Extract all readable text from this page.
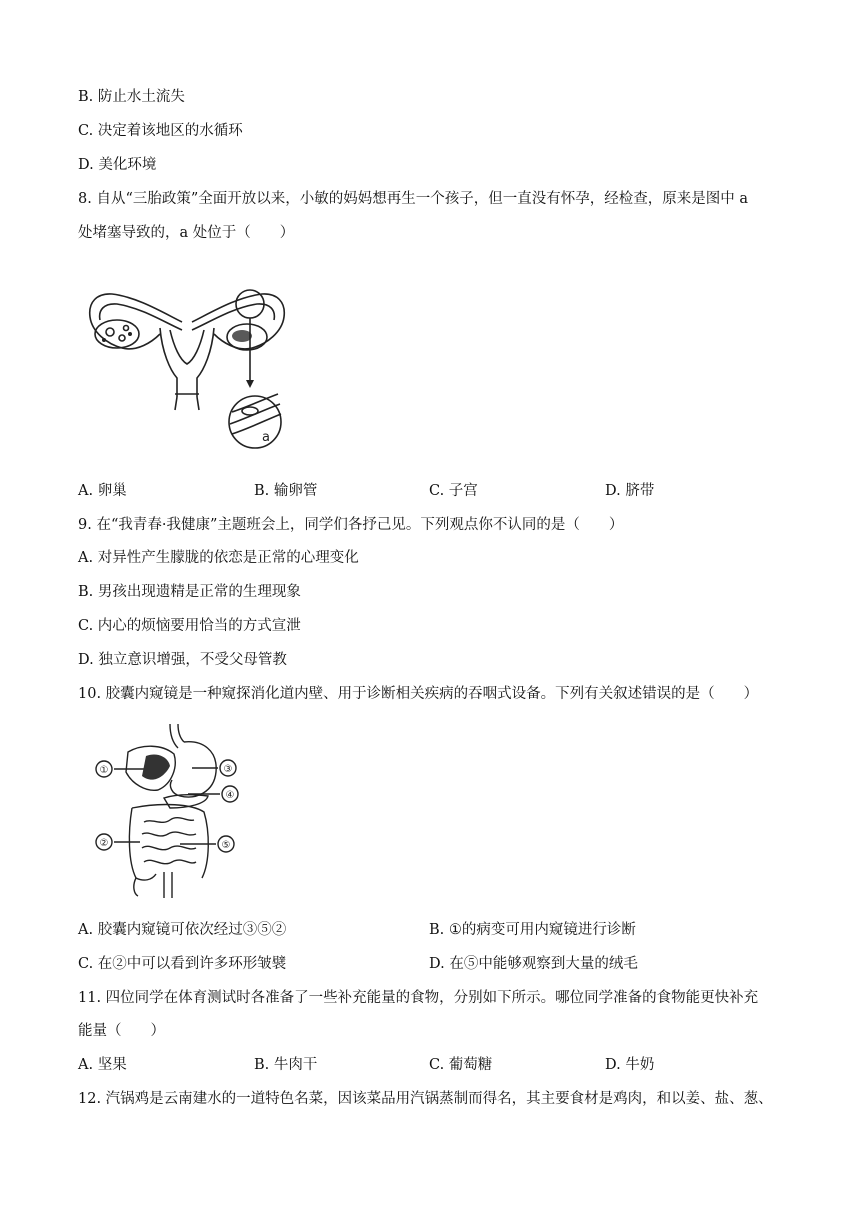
B. 防止水土流失
C. 决定着该地区的水循环
D. 美化环境
8. 自从“三胎政策”全面开放以来，小敏的妈妈想再生一个孩子，但一直没有怀孕，经检查，原来是图中 a
处堵塞导致的，a 处位于（　　）
a
A. 卵巢	B. 输卵管	C. 子宫	D. 脐带
9. 在“我青春·我健康”主题班会上，同学们各抒己见。下列观点你不认同的是（　　）
A. 对异性产生朦胧的依恋是正常的心理变化
B. 男孩出现遗精是正常的生理现象
C. 内心的烦恼要用恰当的方式宣泄
D. 独立意识增强，不受父母管教
10. 胶囊内窥镜是一种窥探消化道内壁、用于诊断相关疾病的吞咽式设备。下列有关叙述错误的是（　　）
①	③
④
②	⑤
A. 胶囊内窥镜可依次经过③⑤②	B. ①的病变可用内窥镜进行诊断
C. 在②中可以看到许多环形皱襞	D. 在⑤中能够观察到大量的绒毛
11. 四位同学在体育测试时各准备了一些补充能量的食物，分别如下所示。哪位同学准备的食物能更快补充
能量（　　）
A. 坚果	B. 牛肉干	C. 葡萄糖	D. 牛奶
12. 汽锅鸡是云南建水的一道特色名菜，因该菜品用汽锅蒸制而得名，其主要食材是鸡肉，和以姜、盐、葱、
